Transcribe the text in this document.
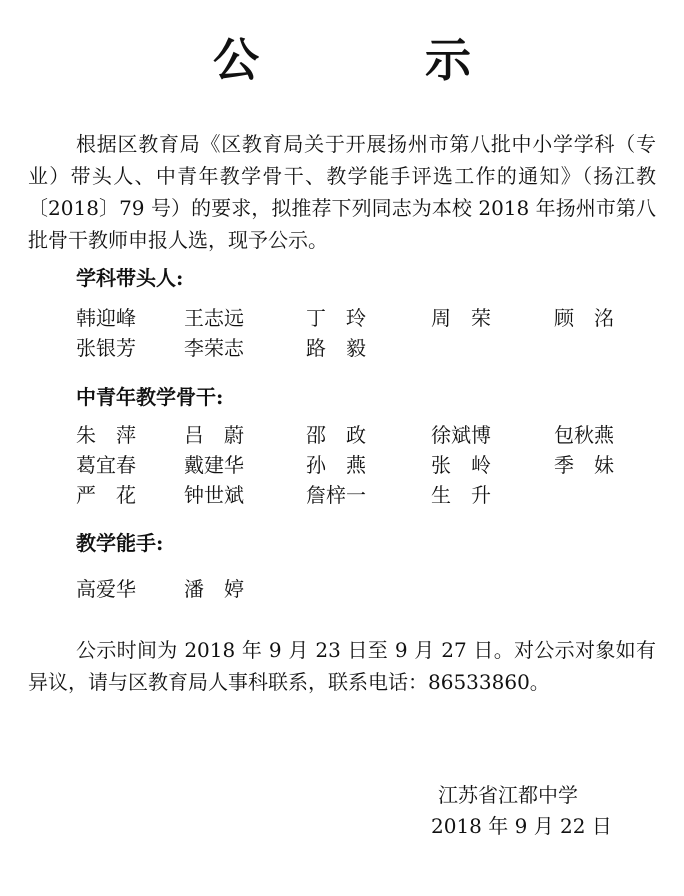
公　示
根据区教育局《区教育局关于开展扬州市第八批中小学学科（专业）带头人、中青年教学骨干、教学能手评选工作的通知》（扬江教〔2018〕79 号）的要求，拟推荐下列同志为本校 2018 年扬州市第八批骨干教师申报人选，现予公示。
学科带头人:
韩迎峰 王志远	丁　玲	周　荣	顾　洺
张银芳 李荣志	路　毅
中青年教学骨干:
朱　萍 吕　蔚	邵　政	徐斌博	包秋燕
葛宜春 戴建华	孙　燕	张　岭	季　妹
严　花 钟世斌	詹梓一	生　升
教学能手:
高爱华 潘　婷
公示时间为 2018 年 9 月 23 日至 9 月 27 日。对公示对象如有异议，请与区教育局人事科联系，联系电话：86533860。
江苏省江都中学
2018 年 9 月 22 日
